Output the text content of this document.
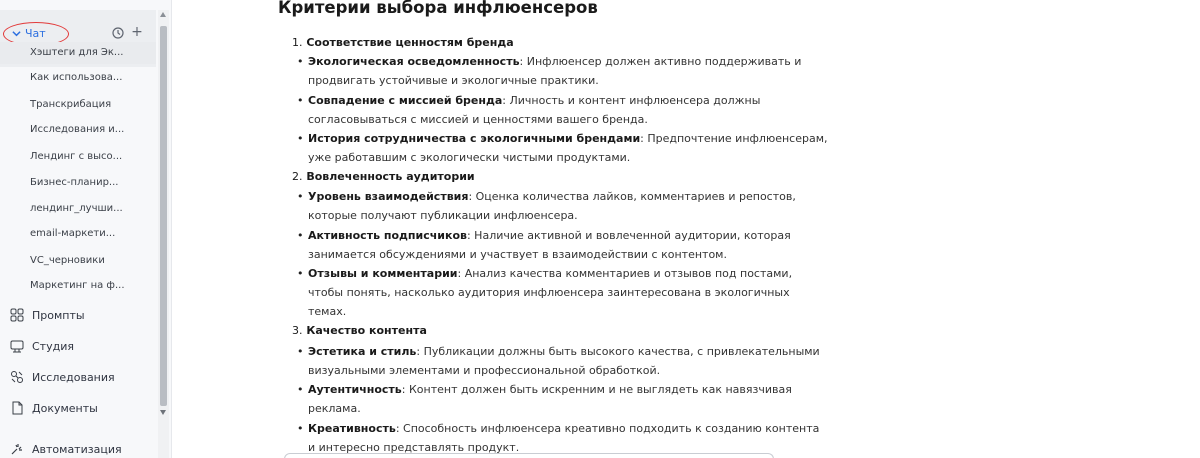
Чат	+
Хэштеги для Эк...
Как использова...
Транскрибация
Исследования и...
Лендинг с высо...
Бизнес-планир...
лендинг_лучши...
email-маркети...
VC_черновики
Маркетинг на ф...
Промпты
Студия
Исследования
Документы
Автоматизация
Критерии выбора инфлюенсеров
1. Соответствие ценностям бренда
• Экологическая осведомленность: Инфлюенсер должен активно поддерживать и продвигать устойчивые и экологичные практики.
• Совпадение с миссией бренда: Личность и контент инфлюенсера должны согласовываться с миссией и ценностями вашего бренда.
• История сотрудничества с экологичными брендами: Предпочтение инфлюенсерам, уже работавшим с экологически чистыми продуктами.
2. Вовлеченность аудитории
• Уровень взаимодействия: Оценка количества лайков, комментариев и репостов, которые получают публикации инфлюенсера.
• Активность подписчиков: Наличие активной и вовлеченной аудитории, которая занимается обсуждениями и участвует в взаимодействии с контентом.
• Отзывы и комментарии: Анализ качества комментариев и отзывов под постами, чтобы понять, насколько аудитория инфлюенсера заинтересована в экологичных темах.
3. Качество контента
• Эстетика и стиль: Публикации должны быть высокого качества, с привлекательными визуальными элементами и профессиональной обработкой.
• Аутентичность: Контент должен быть искренним и не выглядеть как навязчивая реклама.
• Креативность: Способность инфлюенсера креативно подходить к созданию контента и интересно представлять продукт.
